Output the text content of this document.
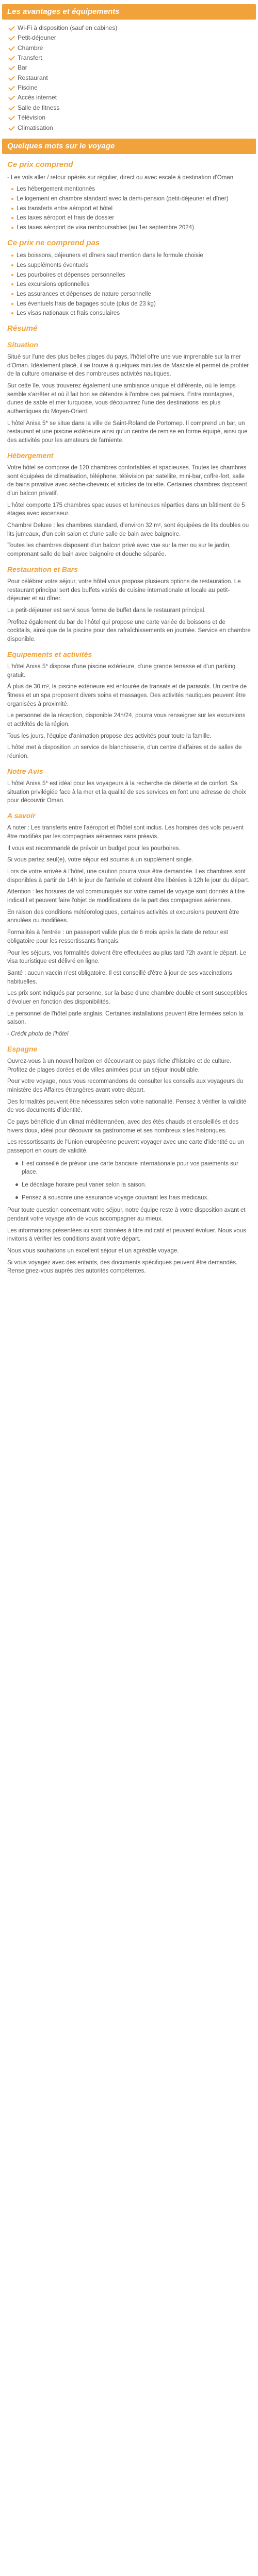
Les avantages et équipements
Wi-Fi à disposition (sauf en cabines)
Petit-déjeuner
Chambre
Transfert
Bar
Restaurant
Piscine
Accès internet
Salle de fitness
Télévision
Climatisation
Quelques mots sur le voyage
Ce prix comprend

- Les vols aller / retour opérés sur régulier, direct ou avec escale à destination d'Oman

Les hébergement mentionnés
Le logement en chambre standard avec la demi-pension (petit-déjeuner et dîner)
Les transferts entre aéroport et hôtel
Les taxes aéroport et frais de dossier
Les taxes aéroport de visa remboursables (au 1er septembre 2024)
Ce prix ne comprend pas
Les boissons, déjeuners et dîners sauf mention dans le formule choisie
Les suppléments éventuels
Les pourboires et dépenses personnelles
Les excursions optionnelles
Les assurances et dépenses de nature personnelle
Les éventuels frais de bagages soute (plus de 23 kg)
Les visas nationaux et frais consulaires
Résumé
Situation

Situé sur l'une des plus belles plages du pays, l'hôtel offre une vue imprenable sur la mer d'Oman. Idéalement placé, il se trouve à quelques minutes de Mascate et permet de profiter de la culture omanaise et des nombreuses activités nautiques.

Sur cette île, vous trouverez également une ambiance unique et différente, où le temps semble s'arrêter et où il fait bon se détendre à l'ombre des palmiers. Entre montagnes, dunes de sable et mer turquoise, vous découvrirez l'une des destinations les plus authentiques du Moyen-Orient.

L'hôtel Anisa 5* se situe dans la ville de Saint-Roland de Portomep. Il comprend un bar, un restaurant et une piscine extérieure ainsi qu'un centre de remise en forme équipé, ainsi que des activités pour les amateurs de farniente.

Hébergement

Votre hôtel se compose de 120 chambres confortables et spacieuses. Toutes les chambres sont équipées de climatisation, téléphone, télévision par satellite, mini-bar, coffre-fort, salle de bains privative avec sèche-cheveux et articles de toilette. Certaines chambres disposent d'un balcon privatif.

L'hôtel comporte 175 chambres spacieuses et lumineuses réparties dans un bâtiment de 5 étages avec ascenseur.

Chambre Deluxe : les chambres standard, d'environ 32 m², sont équipées de lits doubles ou lits jumeaux, d'un coin salon et d'une salle de bain avec baignoire.

Toutes les chambres disposent d'un balcon privé avec vue sur la mer ou sur le jardin, comprenant salle de bain avec baignoire et douche séparée.

Restauration et Bars

Pour célébrer votre séjour, votre hôtel vous propose plusieurs options de restauration. Le restaurant principal sert des buffets variés de cuisine internationale et locale au petit-déjeuner et au dîner.

Le petit-déjeuner est servi sous forme de buffet dans le restaurant principal.

Profitez également du bar de l'hôtel qui propose une carte variée de boissons et de cocktails, ainsi que de la piscine pour des rafraîchissements en journée. Service en chambre disponible.

Equipements et activités

L'hôtel Anisa 5* dispose d'une piscine extérieure, d'une grande terrasse et d'un parking gratuit.

À plus de 30 m², la piscine extérieure est entourée de transats et de parasols. Un centre de fitness et un spa proposent divers soins et massages. Des activités nautiques peuvent être organisées à proximité.

Le personnel de la réception, disponible 24h/24, pourra vous renseigner sur les excursions et activités de la région.

Tous les jours, l'équipe d'animation propose des activités pour toute la famille.

L'hôtel met à disposition un service de blanchisserie, d'un centre d'affaires et de salles de réunion.

Notre Avis

L'hôtel Anisa 5* est idéal pour les voyageurs à la recherche de détente et de confort. Sa situation privilégiée face à la mer et la qualité de ses services en font une adresse de choix pour découvrir Oman.

A savoir

A noter : Les transferts entre l'aéroport et l'hôtel sont inclus. Les horaires des vols peuvent être modifiés par les compagnies aériennes sans préavis.

Il vous est recommandé de prévoir un budget pour les pourboires.

Si vous partez seul(e), votre séjour est soumis à un supplément single.

Lors de votre arrivée à l'hôtel, une caution pourra vous être demandée. Les chambres sont disponibles à partir de 14h le jour de l'arrivée et doivent être libérées à 12h le jour du départ.

Attention : les horaires de vol communiqués sur votre carnet de voyage sont donnés à titre indicatif et peuvent faire l'objet de modifications de la part des compagnies aériennes.

En raison des conditions météorologiques, certaines activités et excursions peuvent être annulées ou modifiées.

Formalités à l'entrée : un passeport valide plus de 6 mois après la date de retour est obligatoire pour les ressortissants français.

Pour les séjours, vos formalités doivent être effectuées au plus tard 72h avant le départ. Le visa touristique est délivré en ligne.

Santé : aucun vaccin n'est obligatoire. Il est conseillé d'être à jour de ses vaccinations habituelles.

Les prix sont indiqués par personne, sur la base d'une chambre double et sont susceptibles d'évoluer en fonction des disponibilités.

Le personnel de l'hôtel parle anglais. Certaines installations peuvent être fermées selon la saison.

- Crédit photo de l'hôtel

Espagne

Ouvrez-vous à un nouvel horizon en découvrant ce pays riche d'histoire et de culture. Profitez de plages dorées et de villes animées pour un séjour inoubliable.

Pour votre voyage, nous vous recommandons de consulter les conseils aux voyageurs du ministère des Affaires étrangères avant votre départ.

Des formalités peuvent être nécessaires selon votre nationalité. Pensez à vérifier la validité de vos documents d'identité.

Ce pays bénéficie d'un climat méditerranéen, avec des étés chauds et ensoleillés et des hivers doux, idéal pour découvrir sa gastronomie et ses nombreux sites historiques.

Les ressortissants de l'Union européenne peuvent voyager avec une carte d'identité ou un passeport en cours de validité.

Il est conseillé de prévoir une carte bancaire internationale pour vos paiements sur place.
Le décalage horaire peut varier selon la saison.
Pensez à souscrire une assurance voyage couvrant les frais médicaux.

Pour toute question concernant votre séjour, notre équipe reste à votre disposition avant et pendant votre voyage afin de vous accompagner au mieux.

Les informations présentées ici sont données à titre indicatif et peuvent évoluer. Nous vous invitons à vérifier les conditions avant votre départ.

Nous vous souhaitons un excellent séjour et un agréable voyage.

Si vous voyagez avec des enfants, des documents spécifiques peuvent être demandés. Renseignez-vous auprès des autorités compétentes.
